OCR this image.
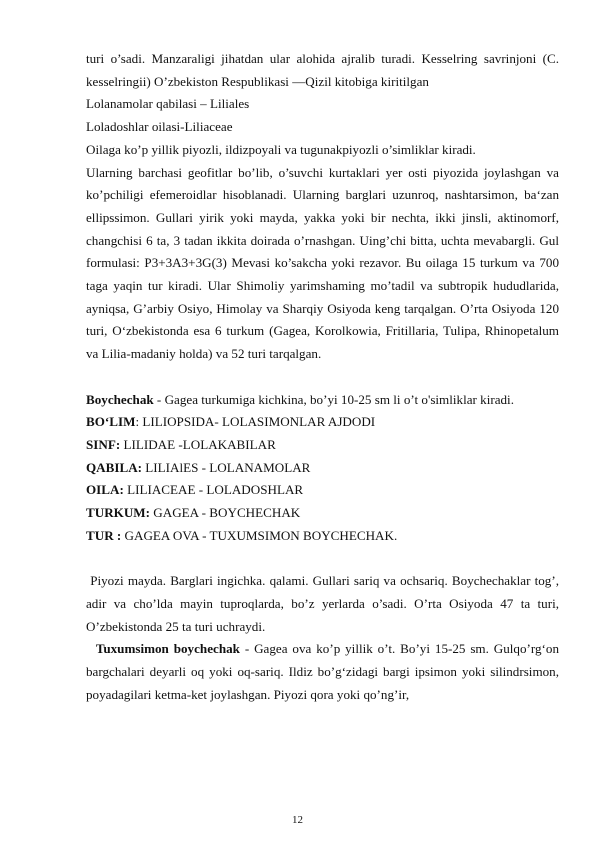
turi o’sadi. Manzaraligi jihatdan ular alohida ajralib turadi. Kesselring savrinjoni (C. kesselringii) O’zbekiston Respublikasi ―Qizil kitobiga kiritilgan

Lolanamolar qabilasi – Liliales

Loladoshlar oilasi-Liliaceae

Oilaga ko’p yillik piyozli, ildizpoyali va tugunakpiyozli o’simliklar kiradi.

Ularning barchasi geofitlar bo’lib, o’suvchi kurtaklari yer osti piyozida joylashgan va ko’pchiligi efemeroidlar hisoblanadi. Ularning barglari uzunroq, nashtarsimon, ba‘zan ellipssimon. Gullari yirik yoki mayda, yakka yoki bir nechta, ikki jinsli, aktinomorf, changchisi 6 ta, 3 tadan ikkita doirada o’rnashgan. Uing’chi bitta, uchta mevabargli. Gul formulasi: P3+3A3+3G(3) Mevasi ko’sakcha yoki rezavor. Bu oilaga 15 turkum va 700 taga yaqin tur kiradi. Ular Shimoliy yarimshaming mo’tadil va subtropik hududlarida, ayniqsa, G’arbiy Osiyo, Himolay va Sharqiy Osiyoda keng tarqalgan. O’rta Osiyoda 120 turi, O‘zbekistonda esa 6 turkum (Gagea, Korolkowia, Fritillaria, Tulipa, Rhinopetalum va Lilia-madaniy holda) va 52 turi tarqalgan.

Boychechak - Gagea turkumiga kichkina, bo’yi 10-25 sm li o’t o'simliklar kiradi.

BO‘LIM: LILIOPSIDA- LOLASIMONLAR AJDODI

SINF: LILIDAE -LOLAKABILAR

QABILA: LILIAlES - LOLANAMOLAR

OILA: LILIACEAE - LOLADOSHLAR

TURKUM: GAGEA - BOYCHECHAK

TUR : GAGEA OVA - TUXUMSIMON BOYCHECHAK.

Piyozi mayda. Barglari ingichka. qalami. Gullari sariq va ochsariq. Boychechaklar tog’, adir va cho’lda mayin tuproqlarda, bo’z yerlarda o’sadi. O’rta Osiyoda 47 ta turi, O’zbekistonda 25 ta turi uchraydi.

Tuxumsimon boychechak - Gagea ova ko’p yillik o’t. Bo’yi 15-25 sm. Gulqo’rg‘on bargchalari deyarli oq yoki oq-sariq. Ildiz bo’g‘zidagi bargi ipsimon yoki silindrsimon, poyadagilari ketma-ket joylashgan. Piyozi qora yoki qo’ng’ir,

12
